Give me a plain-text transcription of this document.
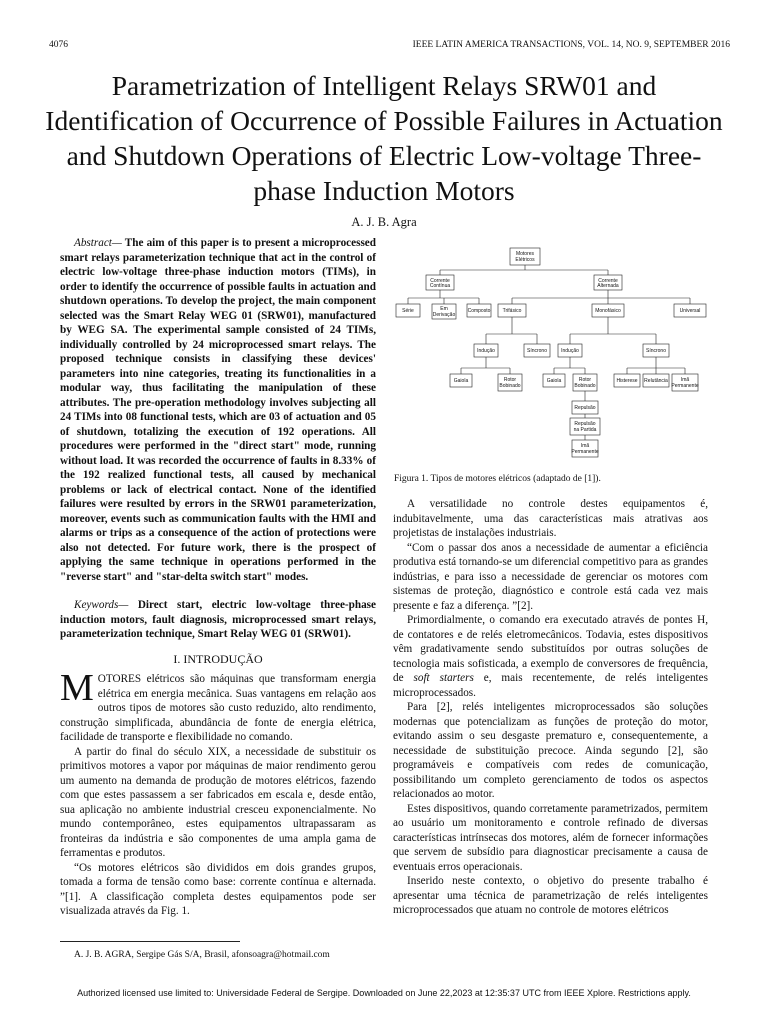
4076	IEEE LATIN AMERICA TRANSACTIONS, VOL. 14, NO. 9, SEPTEMBER 2016
Parametrization of Intelligent Relays SRW01 and Identification of Occurrence of Possible Failures in Actuation and Shutdown Operations of Electric Low-voltage Three-phase Induction Motors
A. J. B. Agra

Abstract— The aim of this paper is to present a microprocessed smart relays parameterization technique that act in the control of electric low-voltage three-phase induction motors (TIMs), in order to identify the occurrence of possible faults in actuation and shutdown operations. To develop the project, the main component selected was the Smart Relay WEG 01 (SRW01), manufactured by WEG SA. The experimental sample consisted of 24 TIMs, individually controlled by 24 microprocessed smart relays. The proposed technique consists in classifying these devices' parameters into nine categories, treating its functionalities in a modular way, thus facilitating the manipulation of these attributes. The pre-operation methodology involves subjecting all 24 TIMs into 08 functional tests, which are 03 of actuation and 05 of shutdown, totalizing the execution of 192 operations. All procedures were performed in the "direct start" mode, running without load. It was recorded the occurrence of faults in 8.33% of the 192 realized functional tests, all caused by mechanical problems or lack of electrical contact. None of the identified failures were resulted by errors in the SRW01 parameterization, moreover, events such as communication faults with the HMI and alarms or trips as a consequence of the action of protections were also not detected. For future work, there is the prospect of applying the same technique in operations performed in the "reverse start" and "star-delta switch start" modes.

Keywords— Direct start, electric low-voltage three-phase induction motors, fault diagnosis, microprocessed smart relays, parameterization technique, Smart Relay WEG 01 (SRW01).

I. INTRODUÇÃO

MOTORES elétricos são máquinas que transformam energia elétrica em energia mecânica. Suas vantagens em relação aos outros tipos de motores são custo reduzido, alto rendimento, construção simplificada, abundância de fonte de energia elétrica, facilidade de transporte e flexibilidade no comando.

A partir do final do século XIX, a necessidade de substituir os primitivos motores a vapor por máquinas de maior rendimento gerou um aumento na demanda de produção de motores elétricos, fazendo com que estes passassem a ser fabricados em escala e, desde então, sua aplicação no ambiente industrial cresceu exponencialmente. No mundo contemporâneo, estes equipamentos ultrapassaram as fronteiras da indústria e são componentes de uma ampla gama de ferramentas e produtos.

“Os motores elétricos são divididos em dois grandes grupos, tomada a forma de tensão como base: corrente contínua e alternada. ”[1]. A classificação completa destes equipamentos pode ser visualizada através da Fig. 1.

A. J. B. AGRA, Sergipe Gás S/A, Brasil, afonsoagra@hotmail.com
Motores
Elétricos
Corrente
Contínua
Corrente
Alternada
Série	Em
Derivação
Composto Trifásico	Monofásico	Universal
Indução	Síncrono	Indução	Síncrono
Gaiola	Rotor
Bobinado
Gaiola	Rotor
Bobinado
Histerese Relutância	Imã
Permanente
Repulsão
Repulsão
na Partida
Imã
Permanente
Figura 1. Tipos de motores elétricos (adaptado de [1]).

A versatilidade no controle destes equipamentos é, indubitavelmente, uma das características mais atrativas aos projetistas de instalações industriais.

“Com o passar dos anos a necessidade de aumentar a eficiência produtiva está tornando-se um diferencial competitivo para as grandes indústrias, e para isso a necessidade de gerenciar os motores com sistemas de proteção, diagnóstico e controle está cada vez mais presente e faz a diferença. ”[2].

Primordialmente, o comando era executado através de pontes H, de contatores e de relés eletromecânicos. Todavia, estes dispositivos vêm gradativamente sendo substituídos por outras soluções de tecnologia mais sofisticada, a exemplo de conversores de frequência, de soft starters e, mais recentemente, de relés inteligentes microprocessados.

Para [2], relés inteligentes microprocessados são soluções modernas que potencializam as funções de proteção do motor, evitando assim o seu desgaste prematuro e, consequentemente, a necessidade de substituição precoce. Ainda segundo [2], são programáveis e compatíveis com redes de comunicação, possibilitando um completo gerenciamento de todos os aspectos relacionados ao motor.

Estes dispositivos, quando corretamente parametrizados, permitem ao usuário um monitoramento e controle refinado de diversas características intrínsecas dos motores, além de fornecer informações que servem de subsídio para diagnosticar precisamente a causa de eventuais erros operacionais.

Inserido neste contexto, o objetivo do presente trabalho é apresentar uma técnica de parametrização de relés inteligentes microprocessados que atuam no controle de motores elétricos

Authorized licensed use limited to: Universidade Federal de Sergipe. Downloaded on June 22,2023 at 12:35:37 UTC from IEEE Xplore. Restrictions apply.
